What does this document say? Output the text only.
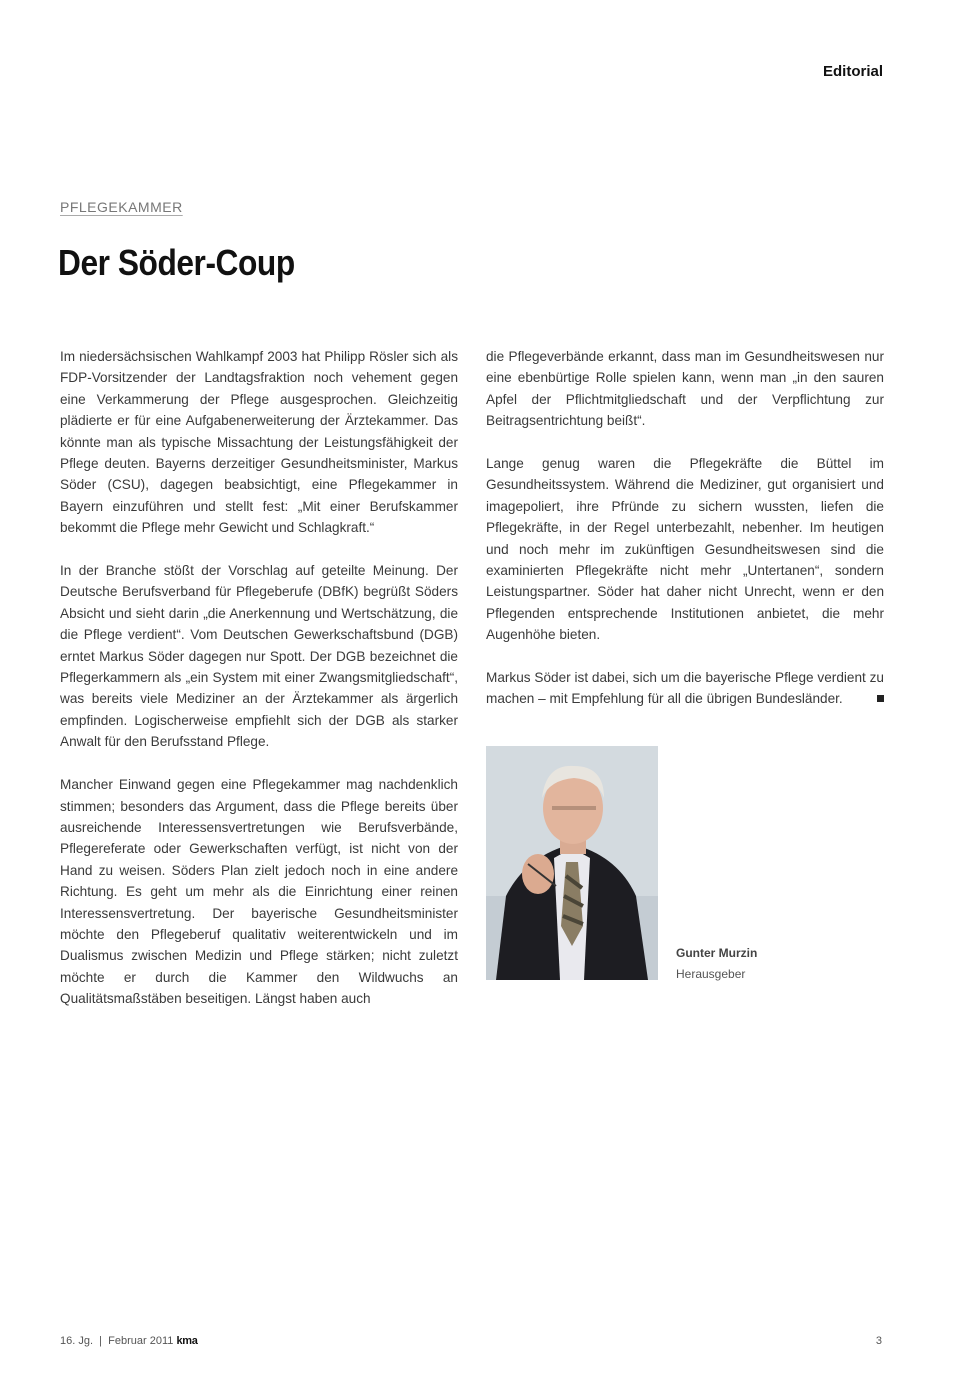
Editorial
PFLEGEKAMMER
Der Söder-Coup

Im niedersächsischen Wahlkampf 2003 hat Philipp Rösler sich als FDP-Vorsitzender der Landtagsfraktion noch vehement gegen eine Verkammerung der Pflege ausgesprochen. Gleichzeitig plädierte er für eine Aufgabenerweiterung der Ärztekammer. Das könnte man als typische Missachtung der Leistungsfähigkeit der Pflege deuten. Bayerns derzeitiger Gesundheitsminister, Markus Söder (CSU), dagegen beabsichtigt, eine Pflegekammer in Bayern einzuführen und stellt fest: „Mit einer Berufskammer bekommt die Pflege mehr Gewicht und Schlagkraft.“

In der Branche stößt der Vorschlag auf geteilte Meinung. Der Deutsche Berufsverband für Pflegeberufe (DBfK) begrüßt Söders Absicht und sieht darin „die Anerkennung und Wertschätzung, die die Pflege verdient“. Vom Deutschen Gewerkschaftsbund (DGB) erntet Markus Söder dagegen nur Spott. Der DGB bezeichnet die Pflegerkammern als „ein System mit einer Zwangsmitgliedschaft“, was bereits viele Mediziner an der Ärztekammer als ärgerlich empfinden. Logischerweise empfiehlt sich der DGB als starker Anwalt für den Berufsstand Pflege.

Mancher Einwand gegen eine Pflegekammer mag nachdenklich stimmen; besonders das Argument, dass die Pflege bereits über ausreichende Interessensvertretungen wie Berufsverbände, Pflegereferate oder Gewerkschaften verfügt, ist nicht von der Hand zu weisen. Söders Plan zielt jedoch noch in eine andere Richtung. Es geht um mehr als die Einrichtung einer reinen Interessensvertretung. Der bayerische Gesundheitsminister möchte den Pflegeberuf qualitativ weiterentwickeln und im Dualismus zwischen Medizin und Pflege stärken; nicht zuletzt möchte er durch die Kammer den Wildwuchs an Qualitätsmaßstäben beseitigen. Längst haben auch

die Pflegeverbände erkannt, dass man im Gesundheitswesen nur eine ebenbürtige Rolle spielen kann, wenn man „in den sauren Apfel der Pflichtmitgliedschaft und der Verpflichtung zur Beitragsentrichtung beißt“.

Lange genug waren die Pflegekräfte die Büttel im Gesundheitssystem. Während die Mediziner, gut organisiert und imagepoliert, ihre Pfründe zu sichern wussten, liefen die Pflegekräfte, in der Regel unterbezahlt, nebenher. Im heutigen und noch mehr im zukünftigen Gesundheitswesen sind die examinierten Pflegekräfte nicht mehr „Untertanen“, sondern Leistungspartner. Söder hat daher nicht Unrecht, wenn er den Pflegenden entsprechende Institutionen anbietet, die mehr Augenhöhe bieten.

Markus Söder ist dabei, sich um die bayerische Pflege verdient zu machen – mit Empfehlung für all die übrigen Bundesländer.

Gunter Murzin
Herausgeber
16. Jg. | Februar 2011 kma	3
